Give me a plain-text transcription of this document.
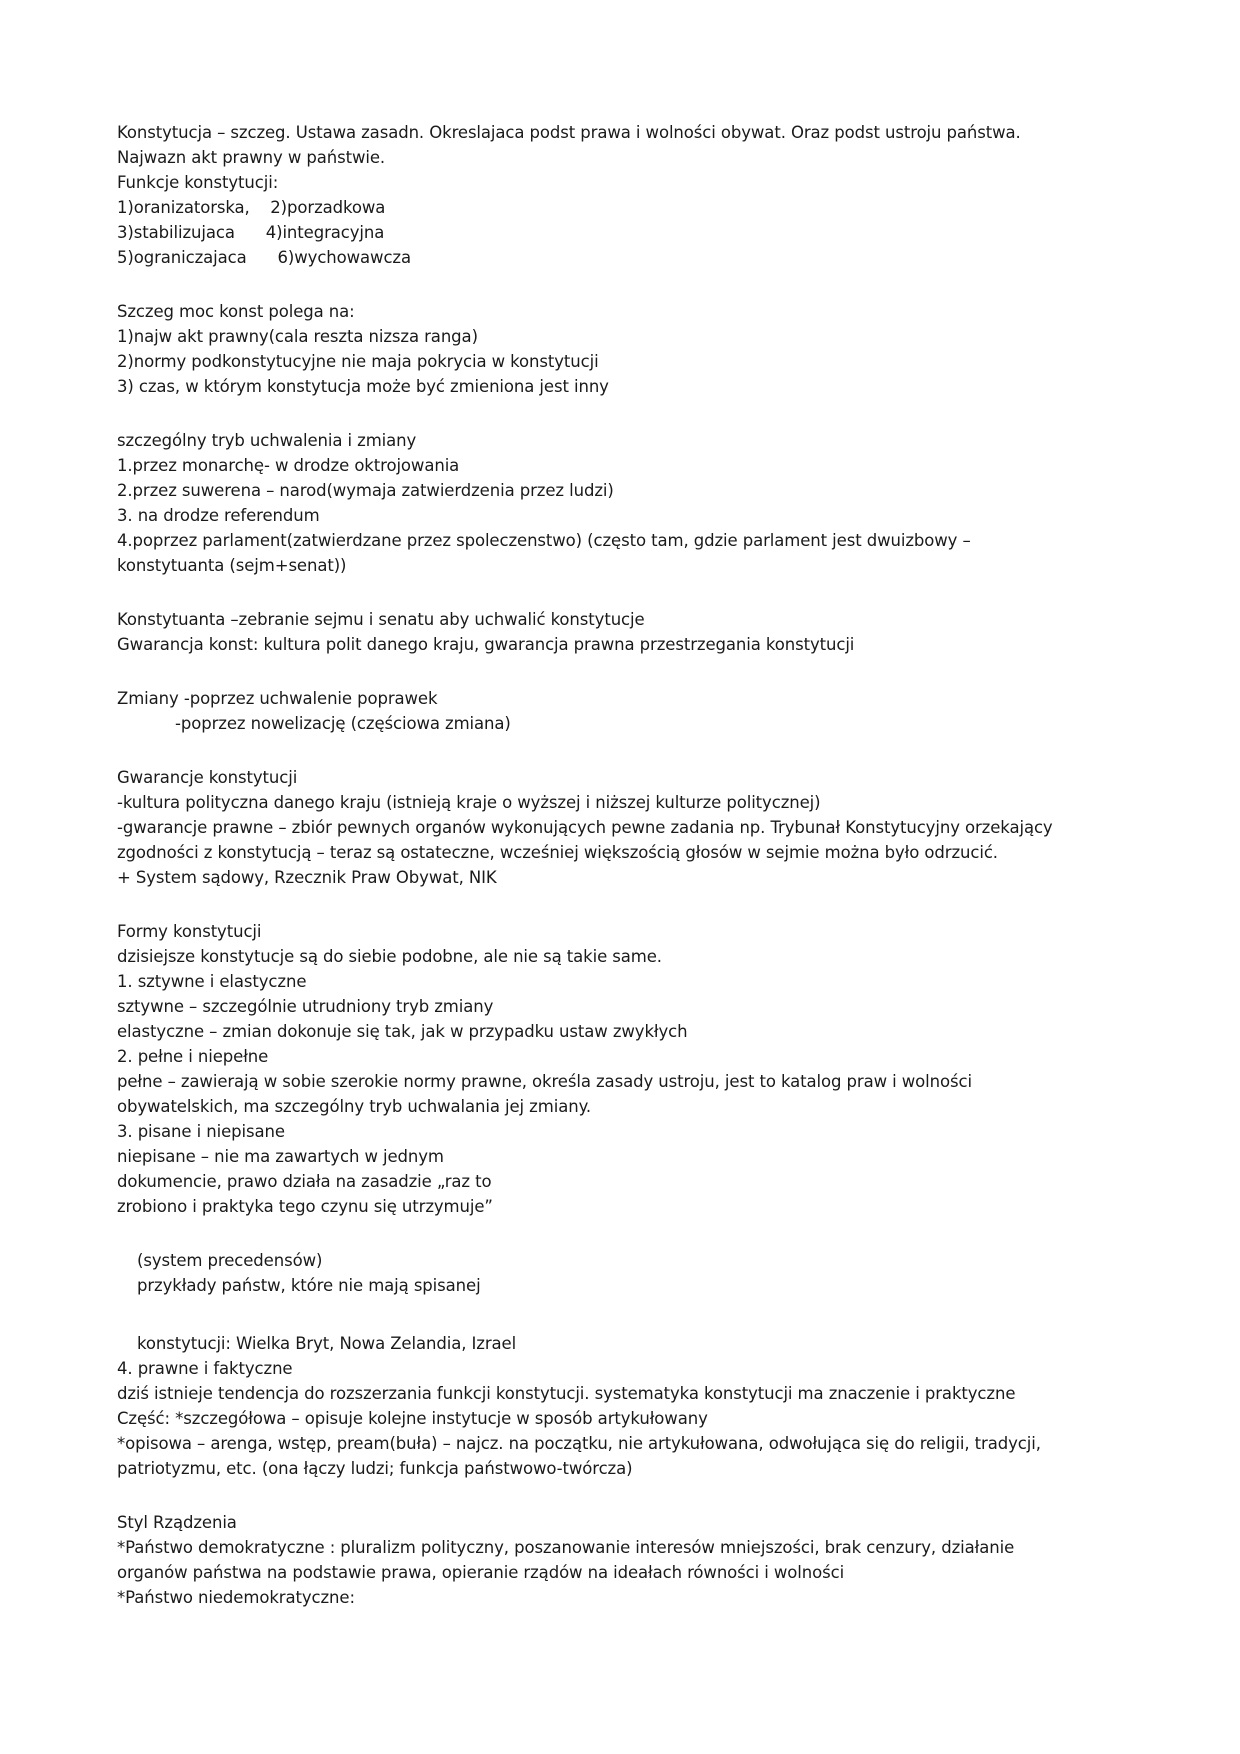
Konstytucja – szczeg. Ustawa zasadn. Okreslajaca podst prawa i wolności obywat. Oraz podst ustroju państwa.
Najwazn akt prawny w państwie.
Funkcje konstytucji:
1)oranizatorska,    2)porzadkowa
3)stabilizujaca      4)integracyjna
5)ograniczajaca      6)wychowawcza
Szczeg moc konst polega na:
1)najw akt prawny(cala reszta nizsza ranga)
2)normy podkonstytucyjne nie maja pokrycia w konstytucji
3) czas, w którym konstytucja może być zmieniona jest inny
szczególny tryb uchwalenia i zmiany
1.przez monarchę- w drodze oktrojowania
2.przez suwerena – narod(wymaja zatwierdzenia przez ludzi)
3. na drodze referendum
4.poprzez parlament(zatwierdzane przez spoleczenstwo) (często tam, gdzie parlament jest dwuizbowy –
konstytuanta (sejm+senat))
Konstytuanta –zebranie sejmu i senatu aby uchwalić konstytucje
Gwarancja konst: kultura polit danego kraju, gwarancja prawna przestrzegania konstytucji
Zmiany -poprzez uchwalenie poprawek
-poprzez nowelizację (częściowa zmiana)
Gwarancje konstytucji
-kultura polityczna danego kraju (istnieją kraje o wyższej i niższej kulturze politycznej)
-gwarancje prawne – zbiór pewnych organów wykonujących pewne zadania np. Trybunał Konstytucyjny orzekający
zgodności z konstytucją – teraz są ostateczne, wcześniej większością głosów w sejmie można było odrzucić.
+ System sądowy, Rzecznik Praw Obywat, NIK
Formy konstytucji
dzisiejsze konstytucje są do siebie podobne, ale nie są takie same.
1. sztywne i elastyczne
sztywne – szczególnie utrudniony tryb zmiany
elastyczne – zmian dokonuje się tak, jak w przypadku ustaw zwykłych
2. pełne i niepełne
pełne – zawierają w sobie szerokie normy prawne, określa zasady ustroju, jest to katalog praw i wolności
obywatelskich, ma szczególny tryb uchwalania jej zmiany.
3. pisane i niepisane
niepisane – nie ma zawartych w jednym
dokumencie, prawo działa na zasadzie „raz to
zrobiono i praktyka tego czynu się utrzymuje”
(system precedensów)
przykłady państw, które nie mają spisanej
konstytucji: Wielka Bryt, Nowa Zelandia, Izrael
4. prawne i faktyczne
dziś istnieje tendencja do rozszerzania funkcji konstytucji. systematyka konstytucji ma znaczenie i praktyczne
Część: *szczegółowa – opisuje kolejne instytucje w sposób artykułowany
*opisowa – arenga, wstęp, pream(buła) – najcz. na początku, nie artykułowana, odwołująca się do religii, tradycji,
patriotyzmu, etc. (ona łączy ludzi; funkcja państwowo-twórcza)
Styl Rządzenia
*Państwo demokratyczne : pluralizm polityczny, poszanowanie interesów mniejszości, brak cenzury, działanie
organów państwa na podstawie prawa, opieranie rządów na ideałach równości i wolności
*Państwo niedemokratyczne:
